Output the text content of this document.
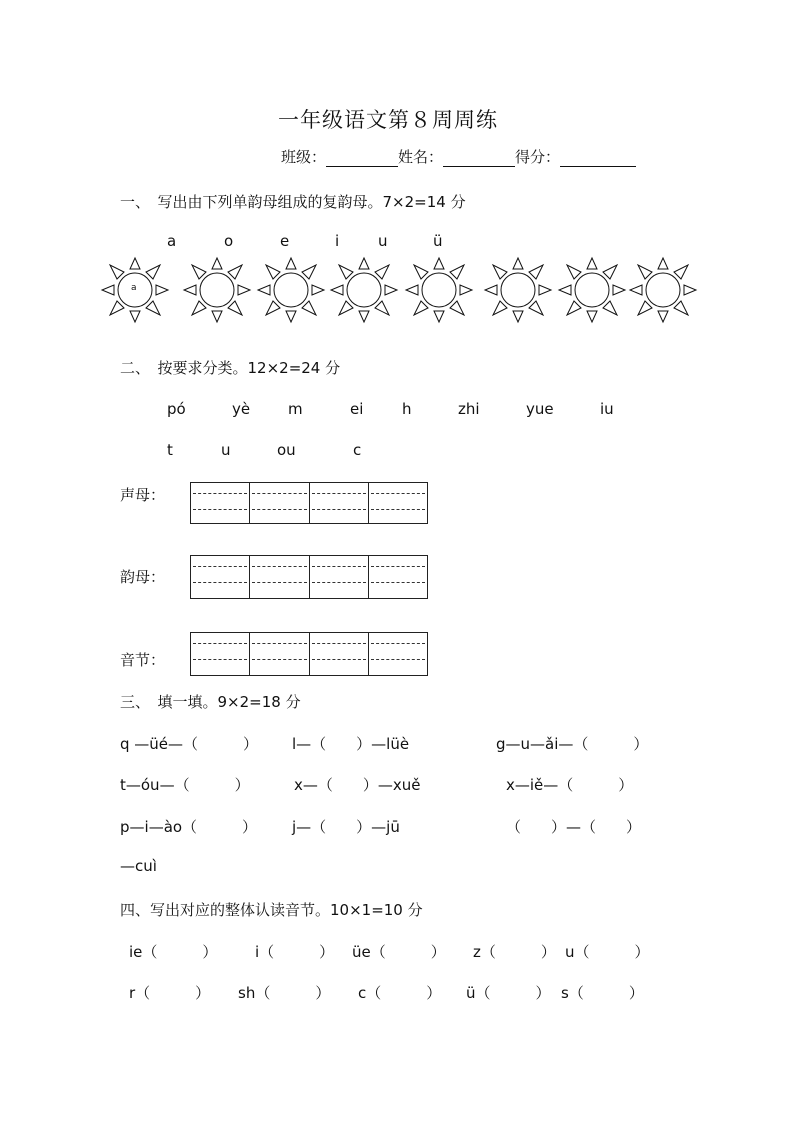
一年级语文第８周周练
班级：	姓名：	得分：
一、　写出由下列单韵母组成的复韵母。7×2=14 分
a	o	e	i	u	ü
a
二、　按要求分类。12×2=24 分
pó	yè	m	ei	h	zhi	yue	iu
t	u	ou	c
声母：
韵母：
音节：
三、　填一填。9×2=18 分
q —üé—（　　　） l—（　　）—lüè	g—u—ǎi—（　　　）
t—óu—（　　　）	x—（　　）—xuě	x—iě—（　　　）
p—i—ào（　　　） j—（　　）—jū	（　　）—（　　）
—cuì
四、写出对应的整体认读音节。10×1=10 分
ie（　　　）	i（　　　） üe（　　　） z（　　　） u（　　　）
r（　　　） sh（　　　） c（　　　） ü（　　　） s（　　　）
